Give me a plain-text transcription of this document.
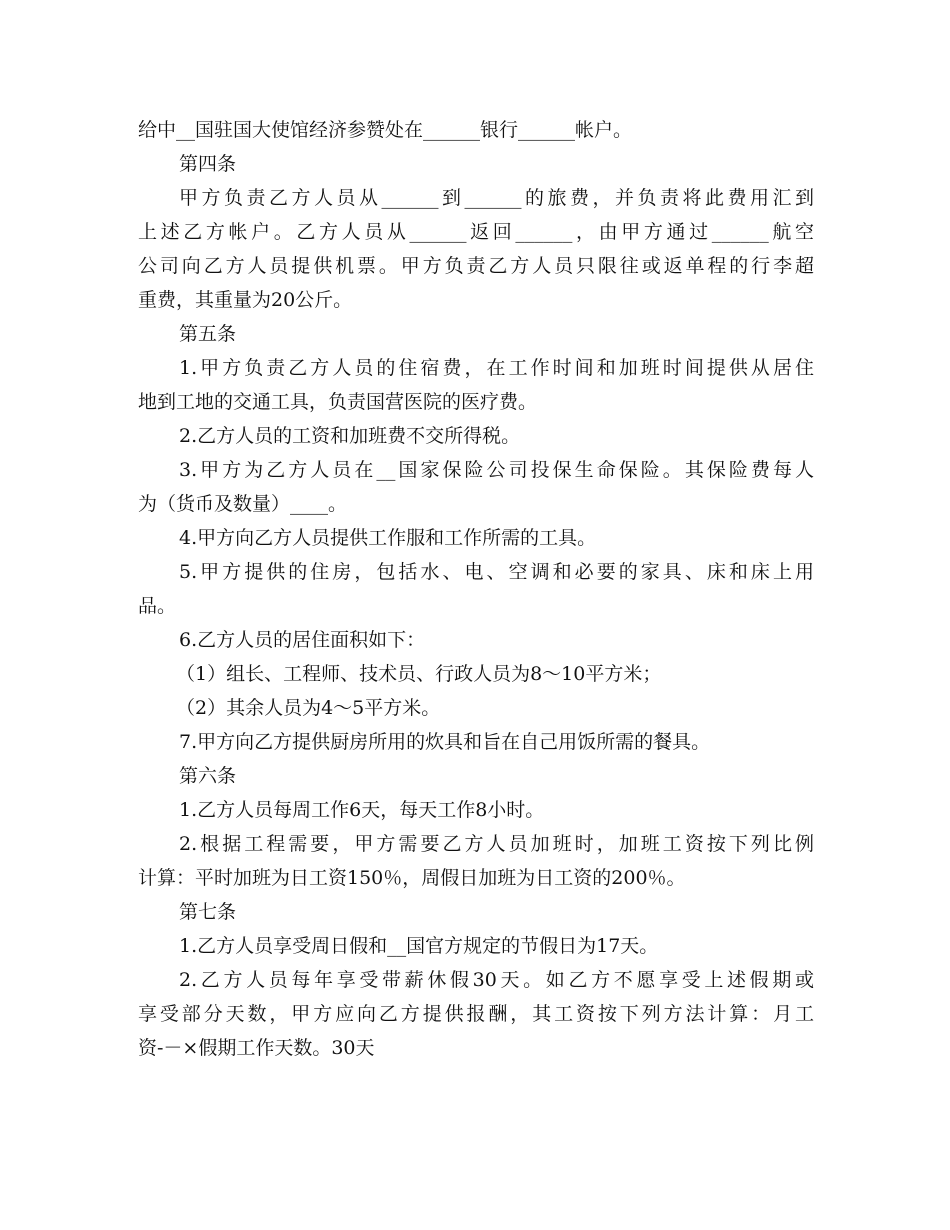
给中__国驻国大使馆经济参赞处在______银行______帐户。
第四条
甲方负责乙方人员从______到______的旅费，并负责将此费用汇到
上述乙方帐户。乙方人员从______返回______，由甲方通过______航空
公司向乙方人员提供机票。甲方负责乙方人员只限往或返单程的行李超
重费，其重量为20公斤。
第五条
1.甲方负责乙方人员的住宿费，在工作时间和加班时间提供从居住
地到工地的交通工具，负责国营医院的医疗费。
2.乙方人员的工资和加班费不交所得税。
3.甲方为乙方人员在__国家保险公司投保生命保险。其保险费每人
为（货币及数量）____。
4.甲方向乙方人员提供工作服和工作所需的工具。
5.甲方提供的住房，包括水、电、空调和必要的家具、床和床上用
品。
6.乙方人员的居住面积如下：
（1）组长、工程师、技术员、行政人员为8～10平方米；
（2）其余人员为4～5平方米。
7.甲方向乙方提供厨房所用的炊具和旨在自己用饭所需的餐具。
第六条
1.乙方人员每周工作6天，每天工作8小时。
2.根据工程需要，甲方需要乙方人员加班时，加班工资按下列比例
计算：平时加班为日工资150％，周假日加班为日工资的200％。
第七条
1.乙方人员享受周日假和__国官方规定的节假日为17天。
2.乙方人员每年享受带薪休假30天。如乙方不愿享受上述假期或
享受部分天数，甲方应向乙方提供报酬，其工资按下列方法计算：月工
资-－×假期工作天数。30天
